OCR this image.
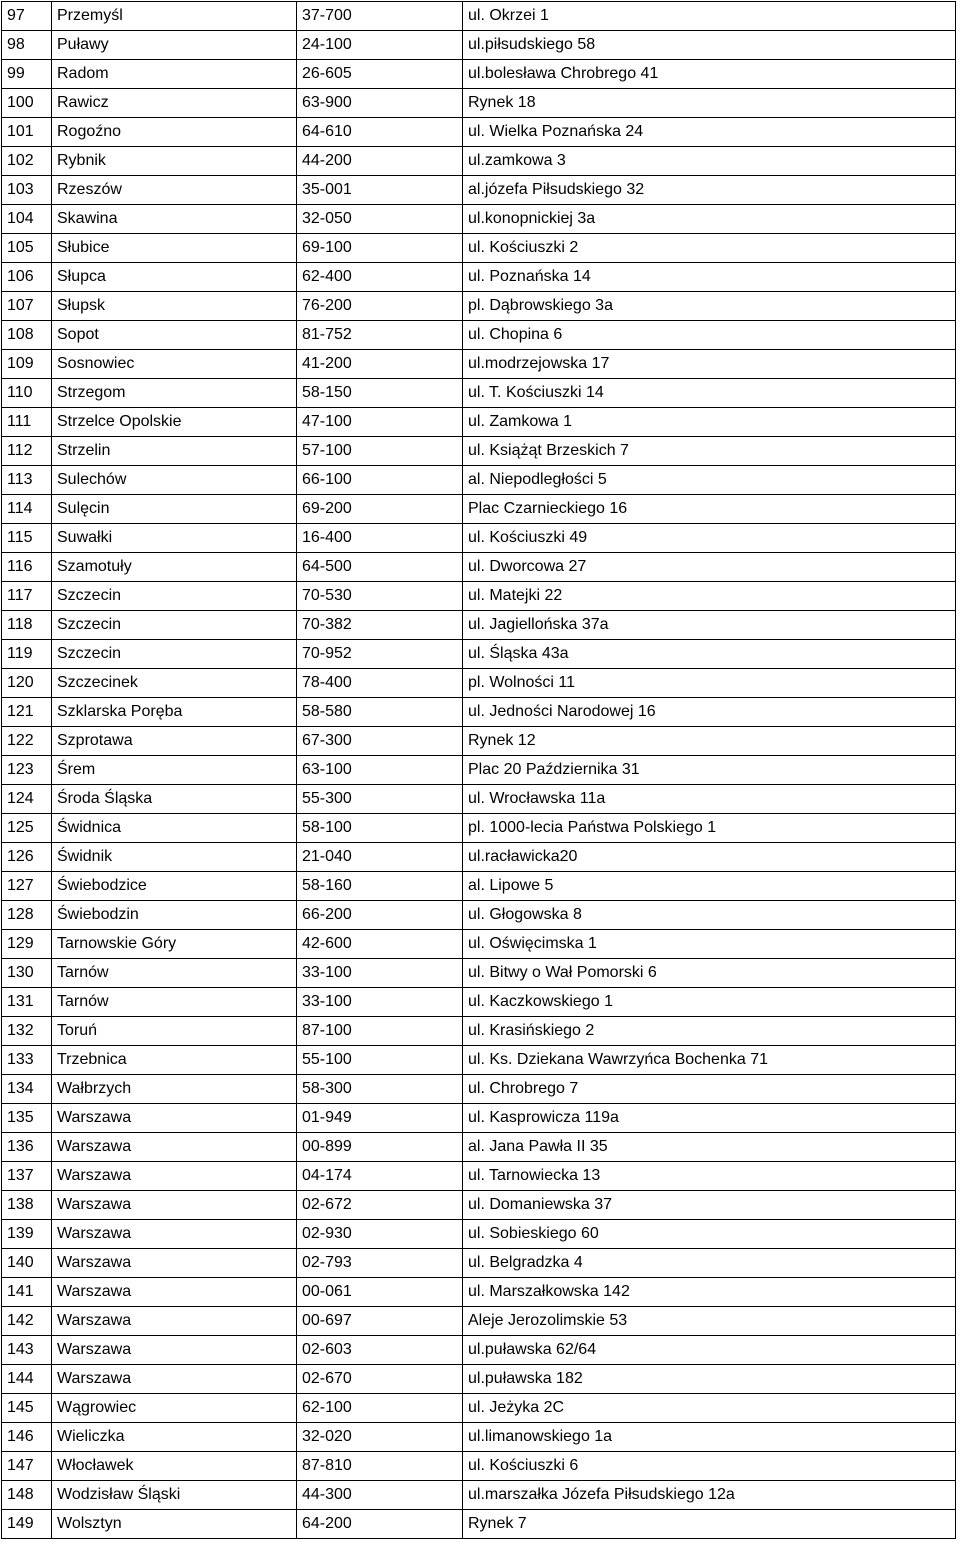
97	Przemyśl	37-700	ul. Okrzei 1
98	Puławy	24-100	ul.piłsudskiego 58
99	Radom	26-605	ul.bolesława Chrobrego 41
100	Rawicz	63-900	Rynek 18
101	Rogoźno	64-610	ul. Wielka Poznańska 24
102	Rybnik	44-200	ul.zamkowa 3
103	Rzeszów	35-001	al.józefa Piłsudskiego 32
104	Skawina	32-050	ul.konopnickiej 3a
105	Słubice	69-100	ul. Kościuszki 2
106	Słupca	62-400	ul. Poznańska 14
107	Słupsk	76-200	pl. Dąbrowskiego 3a
108	Sopot	81-752	ul. Chopina 6
109	Sosnowiec	41-200	ul.modrzejowska 17
110	Strzegom	58-150	ul. T. Kościuszki 14
111	Strzelce Opolskie	47-100	ul. Zamkowa 1
112	Strzelin	57-100	ul. Książąt Brzeskich 7
113	Sulechów	66-100	al. Niepodległości 5
114	Sulęcin	69-200	Plac Czarnieckiego 16
115	Suwałki	16-400	ul. Kościuszki 49
116	Szamotuły	64-500	ul. Dworcowa 27
117	Szczecin	70-530	ul. Matejki 22
118	Szczecin	70-382	ul. Jagiellońska 37a
119	Szczecin	70-952	ul. Śląska 43a
120	Szczecinek	78-400	pl. Wolności 11
121	Szklarska Poręba	58-580	ul. Jedności Narodowej 16
122	Szprotawa	67-300	Rynek 12
123	Śrem	63-100	Plac 20 Października 31
124	Środa Śląska	55-300	ul. Wrocławska 11a
125	Świdnica	58-100	pl. 1000-lecia Państwa Polskiego 1
126	Świdnik	21-040	ul.racławicka20
127	Świebodzice	58-160	al. Lipowe 5
128	Świebodzin	66-200	ul. Głogowska 8
129	Tarnowskie Góry	42-600	ul. Oświęcimska 1
130	Tarnów	33-100	ul. Bitwy o Wał Pomorski 6
131	Tarnów	33-100	ul. Kaczkowskiego 1
132	Toruń	87-100	ul. Krasińskiego 2
133	Trzebnica	55-100	ul. Ks. Dziekana Wawrzyńca Bochenka 71
134	Wałbrzych	58-300	ul. Chrobrego 7
135	Warszawa	01-949	ul. Kasprowicza 119a
136	Warszawa	00-899	al. Jana Pawła II 35
137	Warszawa	04-174	ul. Tarnowiecka 13
138	Warszawa	02-672	ul. Domaniewska 37
139	Warszawa	02-930	ul. Sobieskiego 60
140	Warszawa	02-793	ul. Belgradzka 4
141	Warszawa	00-061	ul. Marszałkowska 142
142	Warszawa	00-697	Aleje Jerozolimskie 53
143	Warszawa	02-603	ul.puławska 62/64
144	Warszawa	02-670	ul.puławska 182
145	Wągrowiec	62-100	ul. Jeżyka 2C
146	Wieliczka	32-020	ul.limanowskiego 1a
147	Włocławek	87-810	ul. Kościuszki 6
148	Wodzisław Śląski	44-300	ul.marszałka Józefa Piłsudskiego 12a
149	Wolsztyn	64-200	Rynek 7
